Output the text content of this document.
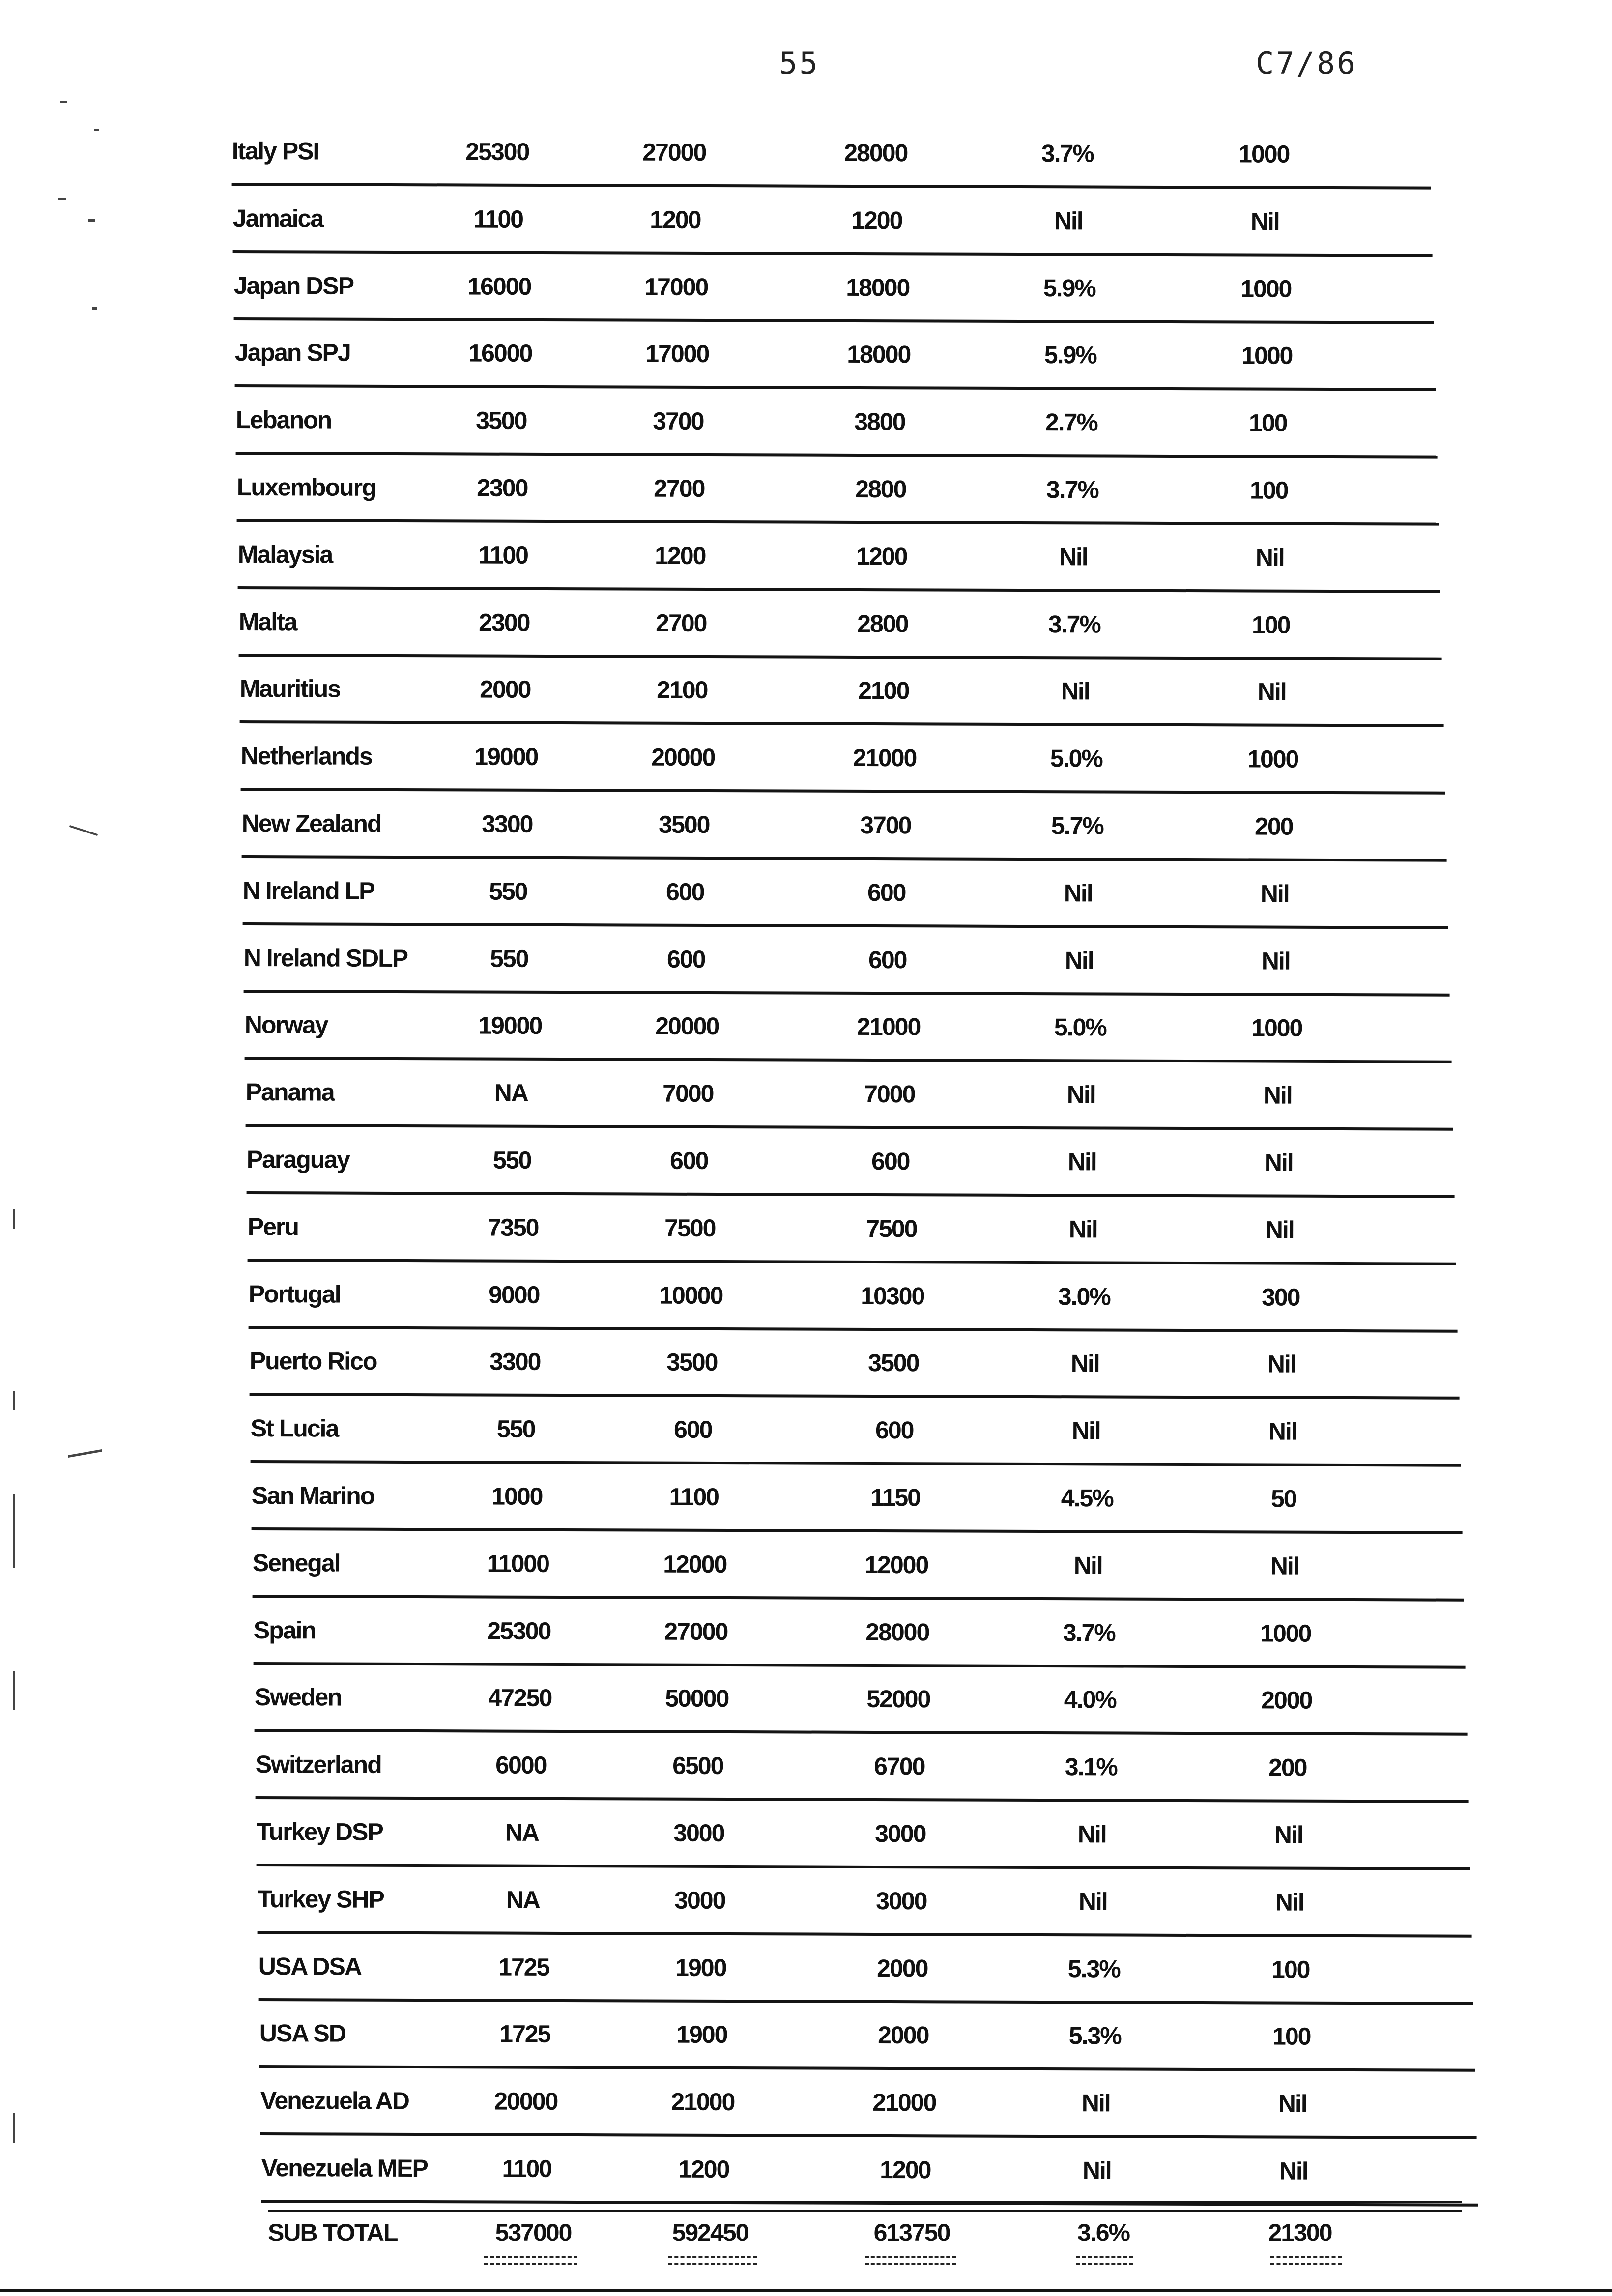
55	C7/86
Italy PSI	25300	27000	28000	3.7%	1000
Jamaica	1100	1200	1200	Nil	Nil
Japan DSP	16000	17000	18000	5.9%	1000
Japan SPJ	16000	17000	18000	5.9%	1000
Lebanon	3500	3700	3800	2.7%	100
Luxembourg	2300	2700	2800	3.7%	100
Malaysia	1100	1200	1200	Nil	Nil
Malta	2300	2700	2800	3.7%	100
Mauritius	2000	2100	2100	Nil	Nil
Netherlands	19000	20000	21000	5.0%	1000
New Zealand	3300	3500	3700	5.7%	200
N Ireland LP	550	600	600	Nil	Nil
N Ireland SDLP	550	600	600	Nil	Nil
Norway	19000	20000	21000	5.0%	1000
Panama	NA	7000	7000	Nil	Nil
Paraguay	550	600	600	Nil	Nil
Peru	7350	7500	7500	Nil	Nil
Portugal	9000	10000	10300	3.0%	300
Puerto Rico	3300	3500	3500	Nil	Nil
St Lucia	550	600	600	Nil	Nil
San Marino	1000	1100	1150	4.5%	50
Senegal	11000	12000	12000	Nil	Nil
Spain	25300	27000	28000	3.7%	1000
Sweden	47250	50000	52000	4.0%	2000
Switzerland	6000	6500	6700	3.1%	200
Turkey DSP	NA	3000	3000	Nil	Nil
Turkey SHP	NA	3000	3000	Nil	Nil
USA DSA	1725	1900	2000	5.3%	100
USA SD	1725	1900	2000	5.3%	100
Venezuela AD	20000	21000	21000	Nil	Nil
Venezuela MEP	1100	1200	1200	Nil	Nil
SUB TOTAL	537000	592450	613750	3.6%	21300
